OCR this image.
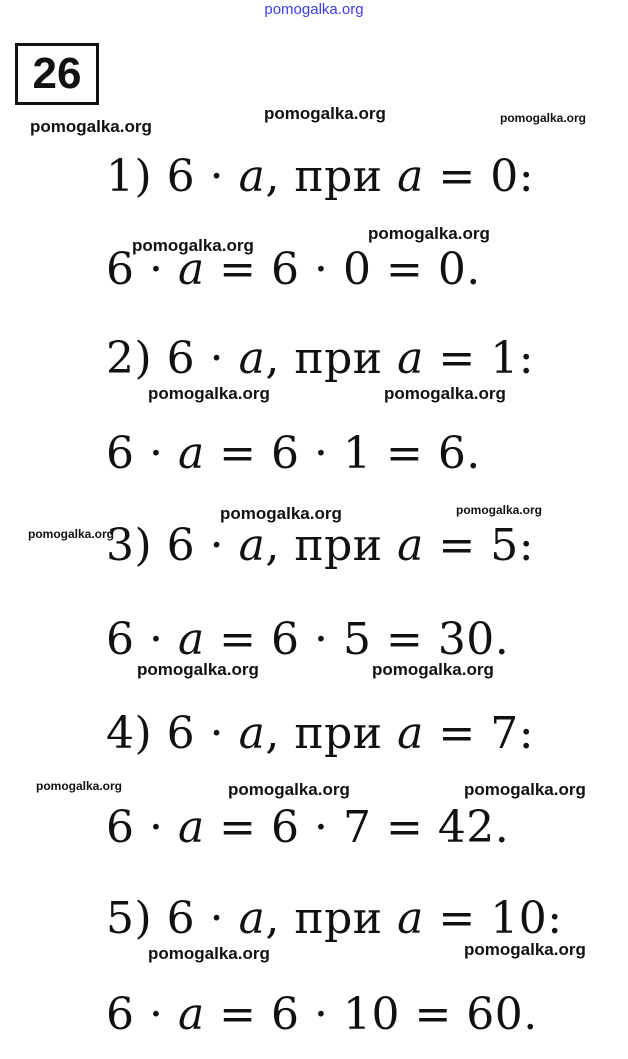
pomogalka.org
26
pomogalka.org
pomogalka.org	pomogalka.org
pomogalka.org
pomogalka.org
pomogalka.org	pomogalka.org
pomogalka.org	pomogalka.org
pomogalka.org
pomogalka.org	pomogalka.org
pomogalka.org	pomogalka.org	pomogalka.org
pomogalka.org	pomogalka.org
1) 6 · a, при a = 0:
6 · a = 6 · 0 = 0.
2) 6 · a, при a = 1:
6 · a = 6 · 1 = 6.
3) 6 · a, при a = 5:
6 · a = 6 · 5 = 30.
4) 6 · a, при a = 7:
6 · a = 6 · 7 = 42.
5) 6 · a, при a = 10:
6 · a = 6 · 10 = 60.
